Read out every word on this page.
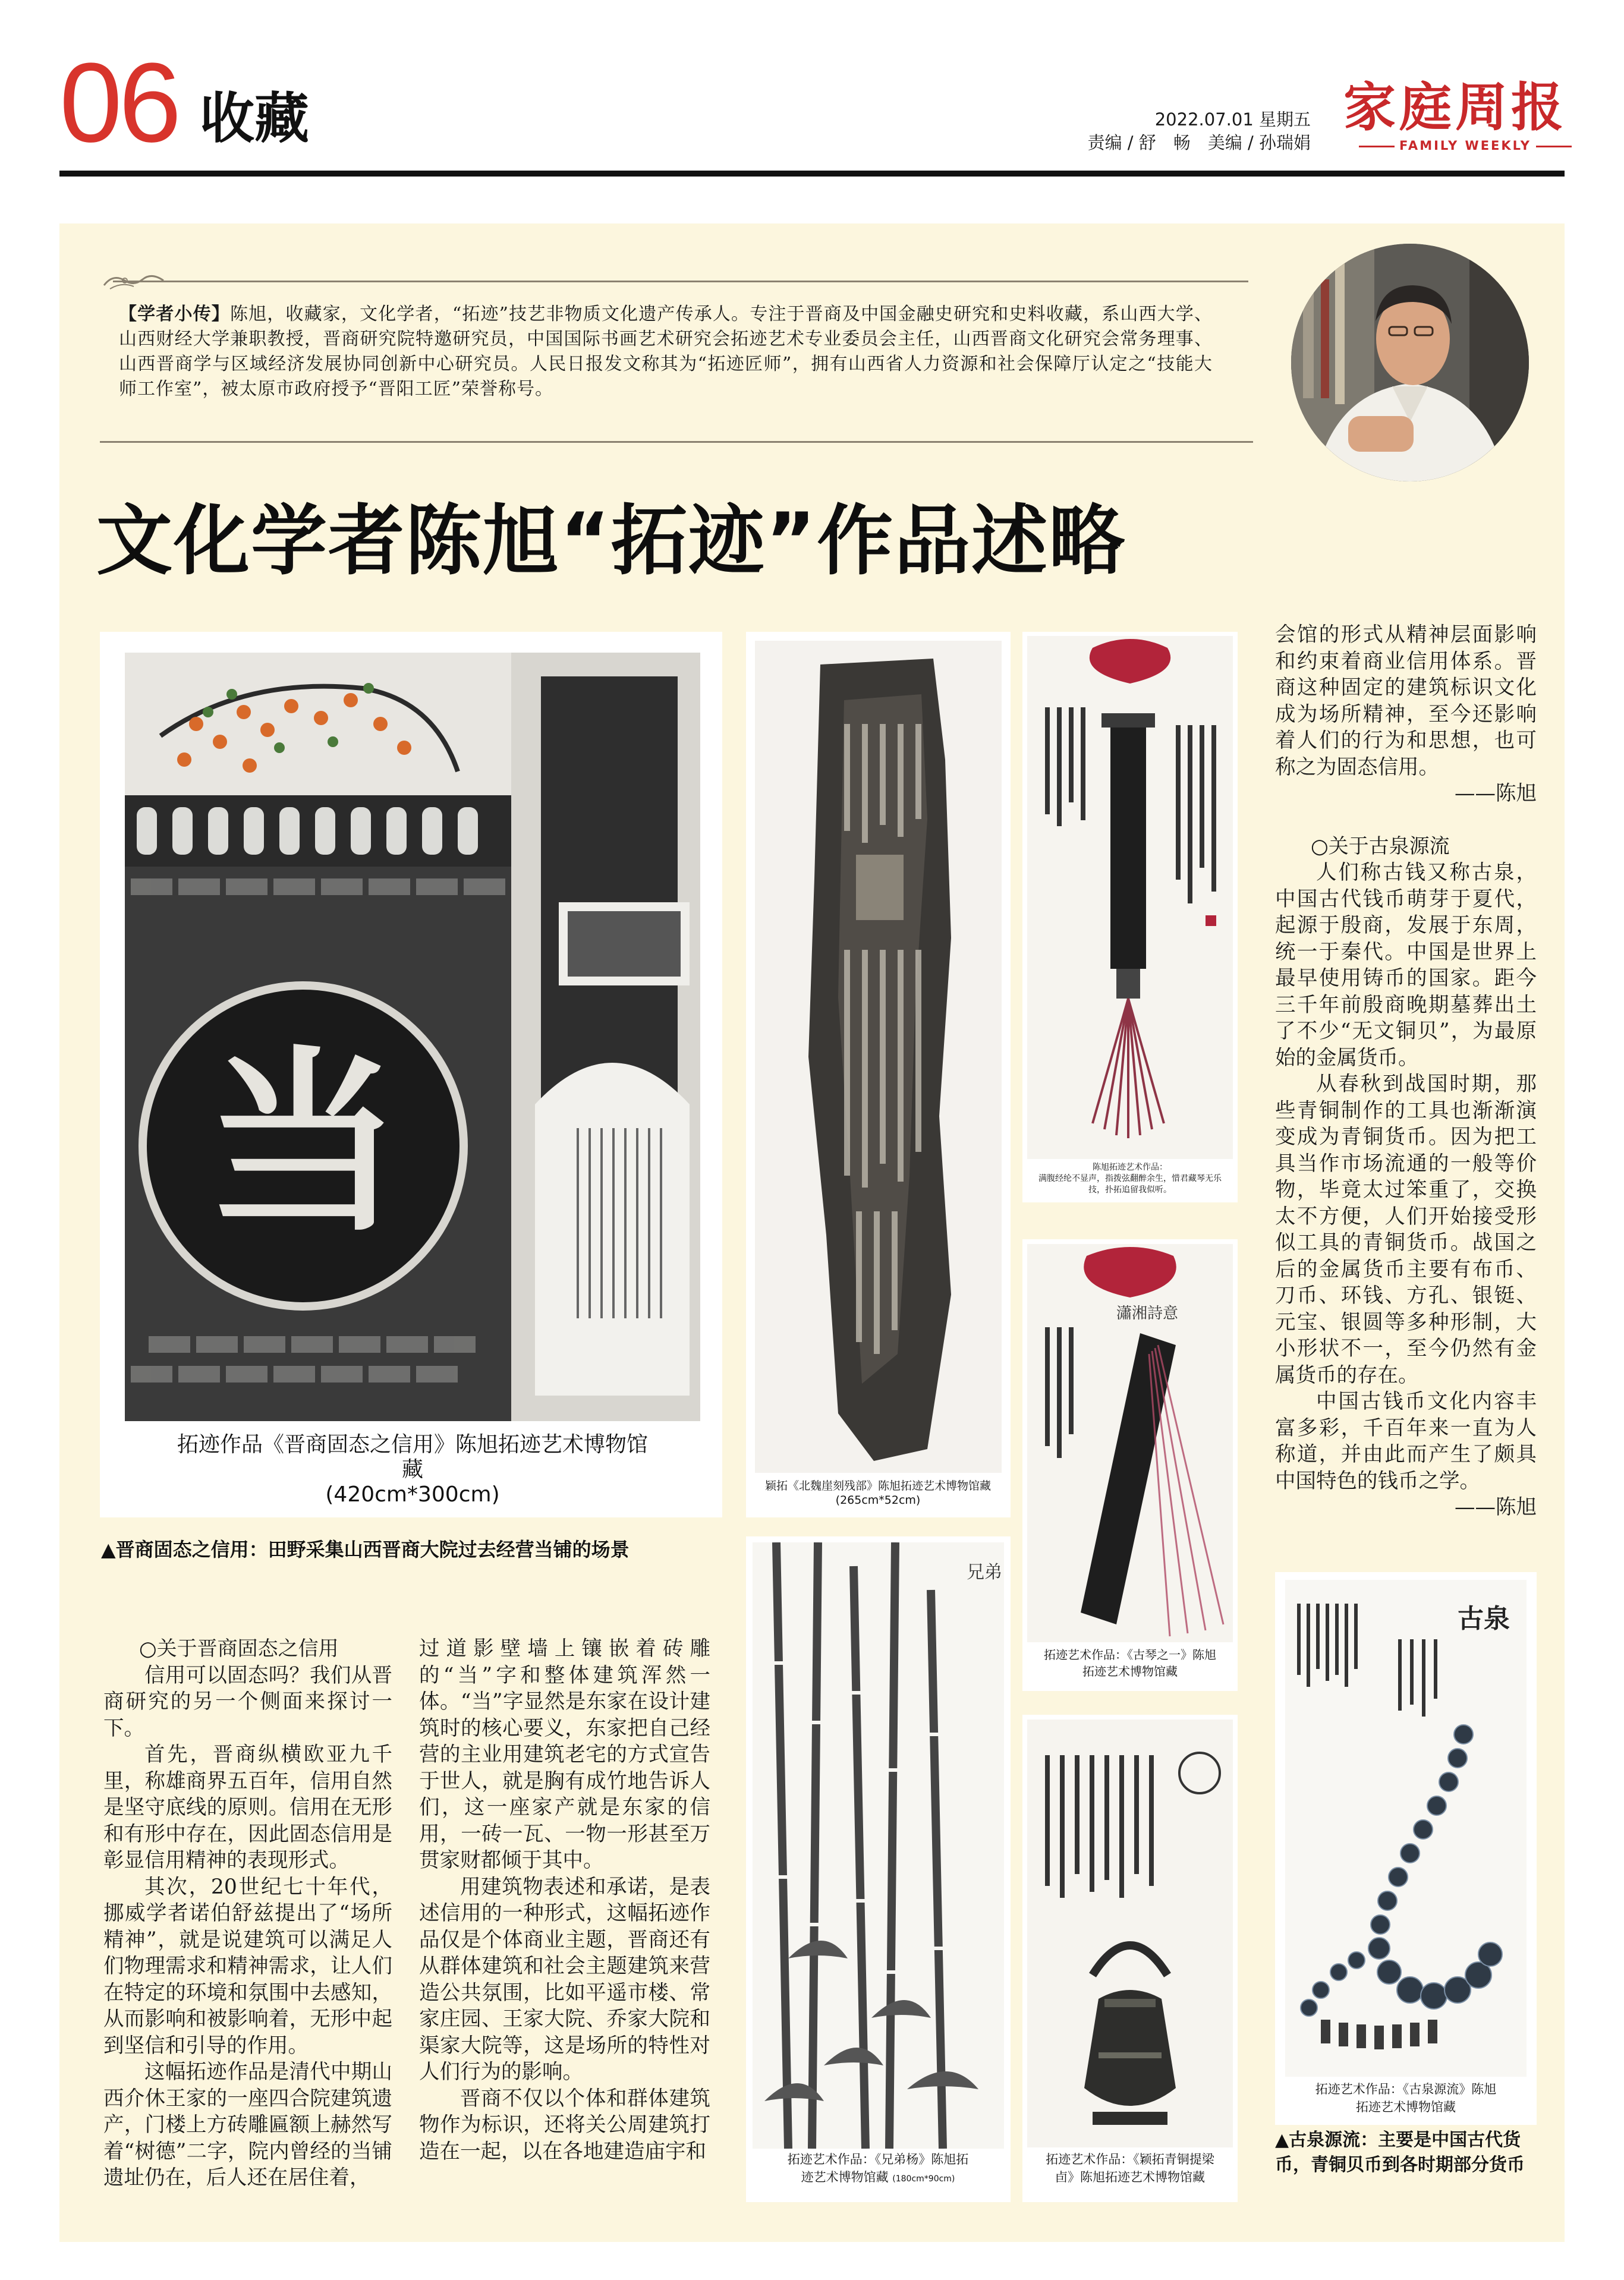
06 收藏	2022.07.01 星期五
责编 / 舒　畅　美编 / 孙瑞娟
家庭周报
FAMILY WEEKLY
【学者小传】陈旭，收藏家，文化学者，“拓迹”技艺非物质文化遗产传承人。专注于晋商及中国金融史研究和史料收藏，系山西大学、山西财经大学兼职教授，晋商研究院特邀研究员，中国国际书画艺术研究会拓迹艺术专业委员会主任，山西晋商文化研究会常务理事、山西晋商学与区域经济发展协同创新中心研究员。人民日报发文称其为“拓迹匠师”，拥有山西省人力资源和社会保障厅认定之“技能大师工作室”，被太原市政府授予“晋阳工匠”荣誉称号。
文化学者陈旭“拓迹”作品述略
当
拓迹作品《晋商固态之信用》陈旭拓迹艺术博物馆
藏
(420cm*300cm)
▲晋商固态之信用：田野采集山西晋商大院过去经营当铺的场景
颖拓《北魏崖刻残部》陈旭拓迹艺术博物馆藏
(265cm*52cm)
陈旭拓迹艺术作品：
满腹经纶不显声，指拨弦翻醉余生，惜君藏琴无乐
技，扑拓追留我似听。
瀟湘詩意
拓迹艺术作品：《古琴之一》陈旭
拓迹艺术博物馆藏
兄弟
拓迹艺术作品：《兄弟杨》陈旭拓
迹艺术博物馆藏 (180cm*90cm)
拓迹艺术作品：《颖拓青铜提梁
卣》陈旭拓迹艺术博物馆藏
古泉
拓迹艺术作品：《古泉源流》陈旭
拓迹艺术博物馆藏
▲古泉源流：主要是中国古代货币，青铜贝币到各时期部分货币

○关于晋商固态之信用

信用可以固态吗？我们从晋商研究的另一个侧面来探讨一下。

首先，晋商纵横欧亚九千里，称雄商界五百年，信用自然是坚守底线的原则。信用在无形和有形中存在，因此固态信用是彰显信用精神的表现形式。

其次，20世纪七十年代，挪威学者诺伯舒兹提出了“场所精神”，就是说建筑可以满足人们物理需求和精神需求，让人们在特定的环境和氛围中去感知，从而影响和被影响着，无形中起到坚信和引导的作用。

这幅拓迹作品是清代中期山西介休王家的一座四合院建筑遗产，门楼上方砖雕匾额上赫然写着“树德”二字，院内曾经的当铺遗址仍在，后人还在居住着，

过道影壁墙上镶嵌着砖雕的“当”字和整体建筑浑然一体。“当”字显然是东家在设计建筑时的核心要义，东家把自己经营的主业用建筑老宅的方式宣告于世人，就是胸有成竹地告诉人们，这一座家产就是东家的信用，一砖一瓦、一物一形甚至万贯家财都倾于其中。

用建筑物表述和承诺，是表述信用的一种形式，这幅拓迹作品仅是个体商业主题，晋商还有从群体建筑和社会主题建筑来营造公共氛围，比如平遥市楼、常家庄园、王家大院、乔家大院和渠家大院等，这是场所的特性对人们行为的影响。

晋商不仅以个体和群体建筑物作为标识，还将关公周建筑打造在一起，以在各地建造庙宇和

会馆的形式从精神层面影响和约束着商业信用体系。晋商这种固定的建筑标识文化成为场所精神，至今还影响着人们的行为和思想，也可称之为固态信用。

——陈旭

○关于古泉源流

人们称古钱又称古泉，中国古代钱币萌芽于夏代，起源于殷商，发展于东周，统一于秦代。中国是世界上最早使用铸币的国家。距今三千年前殷商晚期墓葬出土了不少“无文铜贝”，为最原始的金属货币。

从春秋到战国时期，那些青铜制作的工具也渐渐演变成为青铜货币。因为把工具当作市场流通的一般等价物，毕竟太过笨重了，交换太不方便，人们开始接受形似工具的青铜货币。战国之后的金属货币主要有布币、刀币、环钱、方孔、银铤、元宝、银圆等多种形制，大小形状不一，至今仍然有金属货币的存在。

中国古钱币文化内容丰富多彩，千百年来一直为人称道，并由此而产生了颇具中国特色的钱币之学。

——陈旭
